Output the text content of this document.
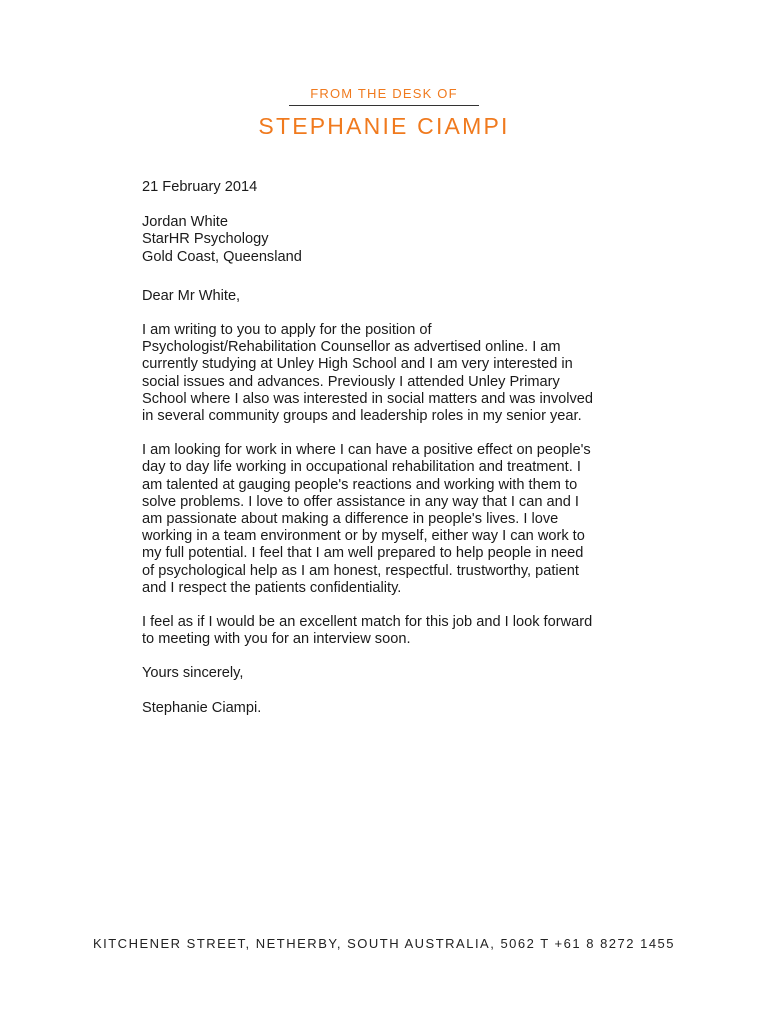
FROM THE DESK OF
STEPHANIE CIAMPI

21 February 2014

Jordan White

StarHR Psychology

Gold Coast, Queensland

Dear Mr White,

I am writing to you to apply for the position of
Psychologist/Rehabilitation Counsellor as advertised online. I am
currently studying at Unley High School and I am very interested in
social issues and advances. Previously I attended Unley Primary
School where I also was interested in social matters and was involved
in several community groups and leadership roles in my senior year.

I am looking for work in where I can have a positive effect on people's
day to day life working in occupational rehabilitation and treatment. I
am talented at gauging people's reactions and working with them to
solve problems. I love to offer assistance in any way that I can and I
am passionate about making a difference in people's lives. I love
working in a team environment or by myself, either way I can work to
my full potential. I feel that I am well prepared to help people in need
of psychological help as I am honest, respectful. trustworthy, patient
and I respect the patients confidentiality.

I feel as if I would be an excellent match for this job and I look forward
to meeting with you for an interview soon.

Yours sincerely,

Stephanie Ciampi.

KITCHENER STREET, NETHERBY, SOUTH AUSTRALIA, 5062 T +61 8 8272 1455
